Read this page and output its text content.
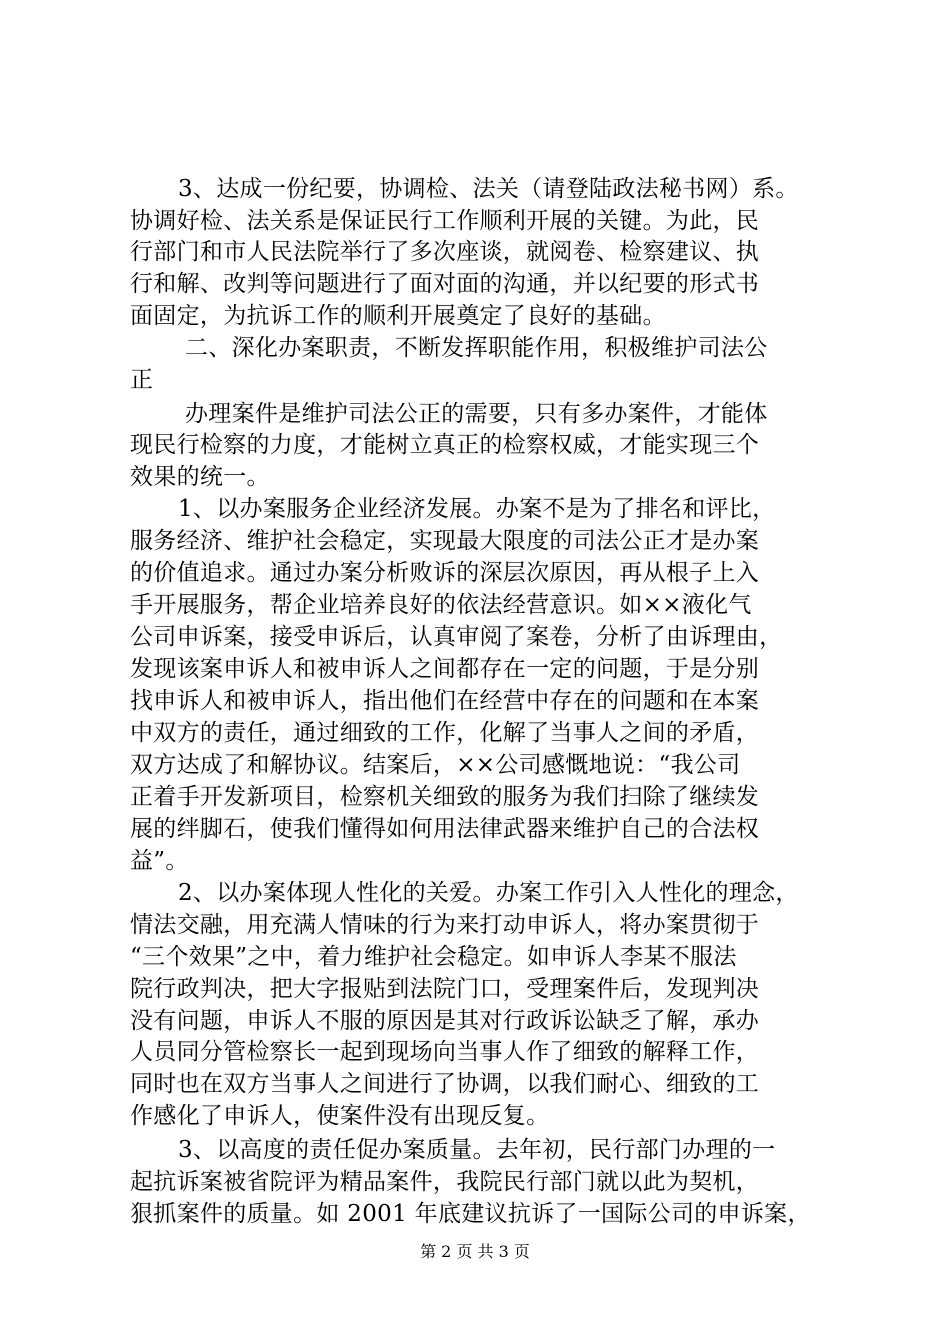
3、达成一份纪要，协调检、法关（请登陆政法秘书网）系。
协调好检、法关系是保证民行工作顺利开展的关键。为此，民
行部门和市人民法院举行了多次座谈，就阅卷、检察建议、执
行和解、改判等问题进行了面对面的沟通，并以纪要的形式书
面固定，为抗诉工作的顺利开展奠定了良好的基础。
二、深化办案职责，不断发挥职能作用，积极维护司法公
正
办理案件是维护司法公正的需要，只有多办案件，才能体
现民行检察的力度，才能树立真正的检察权威，才能实现三个
效果的统一。
1、以办案服务企业经济发展。办案不是为了排名和评比，
服务经济、维护社会稳定，实现最大限度的司法公正才是办案
的价值追求。通过办案分析败诉的深层次原因，再从根子上入
手开展服务，帮企业培养良好的依法经营意识。如××液化气
公司申诉案，接受申诉后，认真审阅了案卷，分析了由诉理由，
发现该案申诉人和被申诉人之间都存在一定的问题，于是分别
找申诉人和被申诉人，指出他们在经营中存在的问题和在本案
中双方的责任，通过细致的工作，化解了当事人之间的矛盾，
双方达成了和解协议。结案后，××公司感慨地说：“我公司
正着手开发新项目，检察机关细致的服务为我们扫除了继续发
展的绊脚石，使我们懂得如何用法律武器来维护自己的合法权
益”。
2、以办案体现人性化的关爱。办案工作引入人性化的理念，
情法交融，用充满人情味的行为来打动申诉人，将办案贯彻于
“三个效果”之中，着力维护社会稳定。如申诉人李某不服法
院行政判决，把大字报贴到法院门口，受理案件后，发现判决
没有问题，申诉人不服的原因是其对行政诉讼缺乏了解，承办
人员同分管检察长一起到现场向当事人作了细致的解释工作，
同时也在双方当事人之间进行了协调，以我们耐心、细致的工
作感化了申诉人，使案件没有出现反复。
3、以高度的责任促办案质量。去年初，民行部门办理的一
起抗诉案被省院评为精品案件，我院民行部门就以此为契机，
狠抓案件的质量。如 2001 年底建议抗诉了一国际公司的申诉案，
第 2 页 共 3 页
